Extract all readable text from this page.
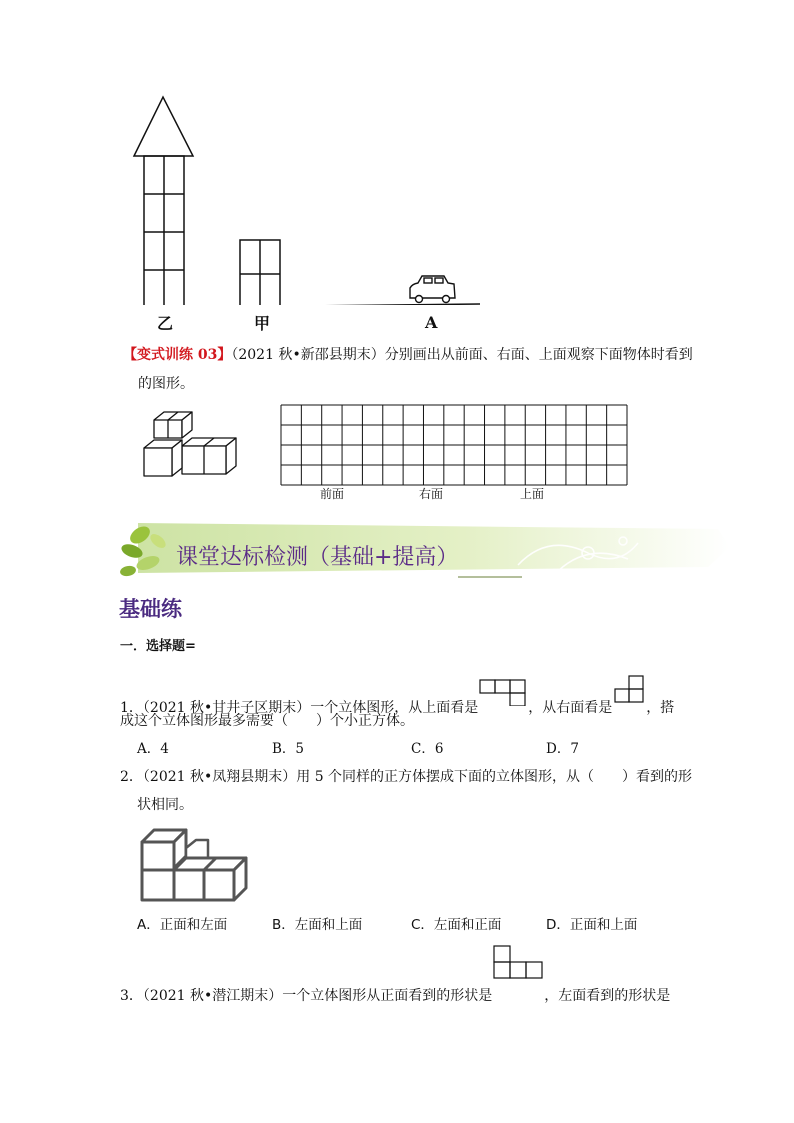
乙	甲	A
【变式训练 03】（2021 秋•新邵县期末）分别画出从前面、右面、上面观察下面物体时看到
的图形。
前面	右面	上面
课堂达标检测（基础+提高）
基础练
一．选择题=
1．（2021 秋•甘井子区期末）一个立体图形，从上面看是	，从右面看是 ，搭
成这个立体图形最多需要（　　）个小正方体。
A．4	B．5	C．6	D．7
2．（2021 秋•凤翔县期末）用 5 个同样的正方体摆成下面的立体图形，从（　　）看到的形
状相同。
A．正面和左面	B．左面和上面	C．左面和正面	D．正面和上面
3．（2021 秋•潜江期末）一个立体图形从正面看到的形状是	，左面看到的形状是
